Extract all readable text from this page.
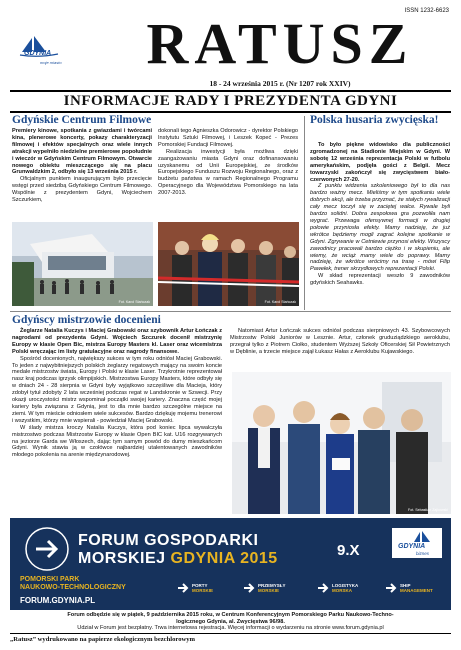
ISSN 1232-6623
GDYNIA
moje miasto	RATUSZ
18 - 24 września 2015 r. (Nr 1207 rok XXIV)
INFORMACJE RADY I PREZYDENTA GDYNI
Gdyńskie Centrum Filmowe
Premiery kinowe, spotkania z gwiazdami i twórcami kina, plenerowe koncerty, pokazy charakteryzacji filmowej i efektów specjalnych oraz wiele innych atrakcji wypełniło niedzielne premierowe popołudnie i wieczór w Gdyńskim Centrum Filmowym. Otwarcie nowego obiektu mieszczącego się na placu Grunwaldzkim 2, odbyło się 13 września 2015 r.
Oficjalnym punktem inaugurującym było przecięcie wstęgi przed siedzibą Gdyńskiego Centrum Filmowego. Wspólnie z prezydentem Gdyni, Wojciechem Szczurkiem,
dokonali tego Agnieszka Odorowicz - dyrektor Polskiego Instytutu Sztuki Filmowej, i Leszek Kopeć - Prezes Pomorskiej Fundacji Filmowej.
Realizacja inwestycji była możliwa dzięki zaangażowaniu miasta Gdyni oraz dofinansowaniu uzyskanemu od Unii Europejskiej, ze środków Europejskiego Funduszu Rozwoju Regionalnego, oraz z budżetu państwa w ramach Regionalnego Programu Operacyjnego dla Województwa Pomorskiego na lata 2007-2013.
Fot. Karol Stańczak	Fot. Karol Stańczak
Polska husaria zwycięska!
To było piękne widowisko dla publiczności zgromadzonej na Stadionie Miejskim w Gdyni. W sobotę 12 września reprezentacja Polski w futbolu amerykańskim, podjęła gości z Belgii. Mecz towarzyski zakończył się zwycięstwem biało-czerwonych 27-20.
Z punktu widzenia szkoleniowego był to dla nas bardzo ważny mecz. Mieliśmy w tym spotkaniu wiele dobrych akcji, ale trzeba przyznać, że stałych rywalizacji cały mecz toczył się w zaciętej walce. Rywale byli bardzo solidni. Dobra zespołowa gra pozwoliła nam wygrać. Przewaga ofensywnej formacji w drugiej połowie przyniosła efekty. Mamy nadzieję, że już wkrótce będziemy mogli zagrać kolejne spotkanie w Gdyni. Zgrywanie w Cetniewie przynosi efekty. Wszyscy zawodnicy pracowali bardzo ciężko i w skupieniu, ale wiemy, że wciąż mamy wiele do poprawy. Mamy nadzieję, że wkrótce wrócimy na trasę - mówi Filip Pawełek, trener skrzydłowych reprezentacji Polski.
W skład reprezentacji weszło 9 zawodników gdyńskich Seahawks.
Gdyńscy mistrzowie docenieni
Żeglarze Natalia Kuczys i Maciej Grabowski oraz szybownik Artur Łończak z nagrodami od prezydenta Gdyni. Wojciech Szczurek docenił mistrzynię Europy w klasie Open Bic, mistrza Europy Masters kl. Laser oraz wicemistrza Polski wręczając im listy gratulacyjne oraz nagrody finansowe.
Spośród docenionych, największy sukces w tym roku odniósł Maciej Grabowski. To jeden z najwybitniejszych polskich żeglarzy regatowych mający na swoim koncie medale mistrzostw świata, Europy i Polski w klasie Laser. Trzykrotnie reprezentował nasz kraj podczas igrzysk olimpijskich. Mistrzostwa Europy Masters, które odbyły się w dniach 24 - 28 sierpnia w Gdyni były wyjątkowo szczęśliwe dla Macieja, który zdobył tytuł zdobyty 2 lata wcześniej podczas regat w Landskronie w Szwecji. Przy okazji uroczystości mistrz wspominał początki swojej kariery. Znaczna część mojej kariery była związana z Gdynią, jest to dla mnie bardzo szczególne miejsce na ziemi. W tym mieście odniosłem wiele sukcesów. Bardzo dziękuję mojemu trenerowi i wszystkim, którzy mnie wspierali - powiedział Maciej Grabowski.
W ślady mistrza kroczy Natalia Kuczys, która pod koniec lipca wywalczyła mistrzostwo podczas Mistrzostw Europy w klasie Open BIC kat. U16 rozgrywanych na jeziorze Garda we Włoszech, dając tym samym powód do dumy mieszkańcom Gdyni. Wynik stawia ją w czołówce najbardziej utalentowanych zawodników młodego pokolenia na arenie międzynarodowej.
Natomiast Artur Łończak sukces odniósł podczas sierpniowych 43. Szybowcowych Mistrzostw Polski Juniorów w Lesznie. Artur, członek gruduziądzkiego aeroklubu, przegrał tylko z Piotrem Ciołko, studentem Wyższej Szkoły Oficerskiej Sił Powietrznych w Dęblinie, a trzecie miejsce zajął Łukasz Hałas z Aeroklubu Kujawskiego.
Fot. Sebastian Zajkowski
FORUM GOSPODARKI
MORSKIEJ GDYNIA 2015	9.X	GDYNIA
biznes
POMORSKI PARK
NAUKOWO-TECHNOLOGICZNY
FORUM.GDYNIA.PL
PORTY
MORSKIE
PRZEMYSŁY
MORSKIE
LOGISTYKA
MORSKA
SHIP
MANAGEMENT
Forum odbędzie się w piątek, 9 października 2015 roku, w Centrum Konferencyjnym Pomorskiego Parku Naukowo-Techno-
logicznego Gdynia, al. Zwycięstwa 96/98.
Udział w Forum jest bezpłatny. Trwa internetowa rejestracja. Więcej informacji o wydarzeniu na stronie www.forum.gdynia.pl
„Ratusz” wydrukowano na papierze ekologicznym bezchlorowym
